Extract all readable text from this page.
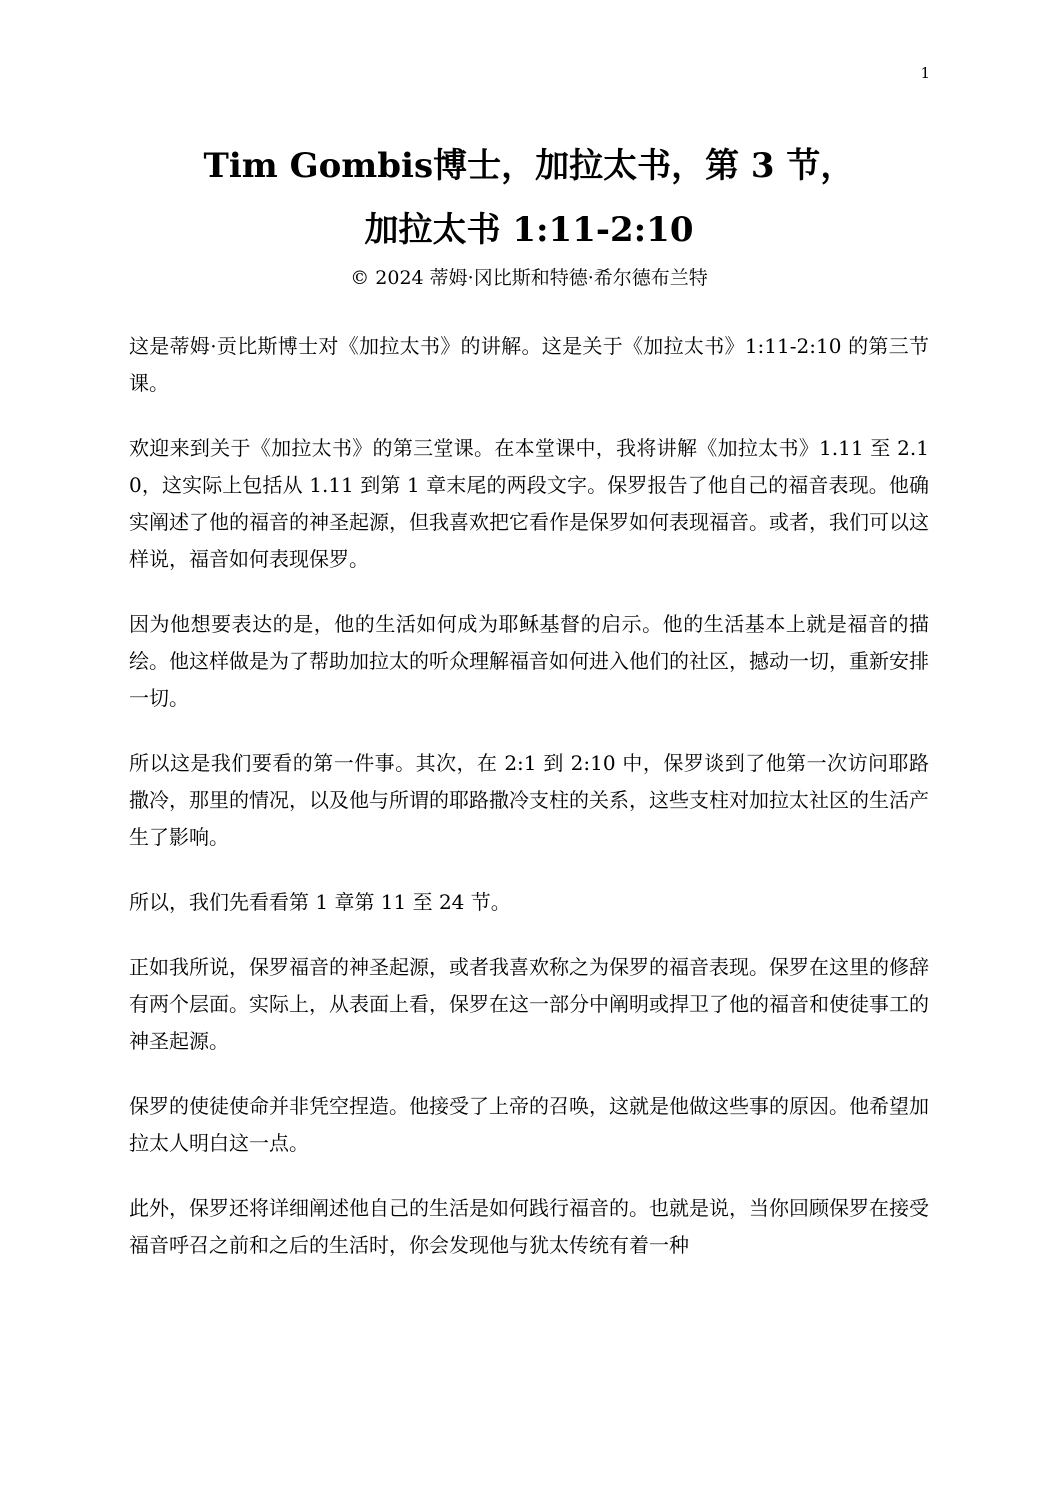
1
Tim Gombis博士，加拉太书，第 3 节，
加拉太书 1:11-2:10
© 2024 蒂姆·冈比斯和特德·希尔德布兰特

这是蒂姆·贡比斯博士对《加拉太书》的讲解。这是关于《加拉太书》1:11-2:10 的第三节课。

欢迎来到关于《加拉太书》的第三堂课。在本堂课中，我将讲解《加拉太书》1.11 至 2.10，这实际上包括从 1.11 到第 1 章末尾的两段文字。保罗报告了他自己的福音表现。他确实阐述了他的福音的神圣起源，但我喜欢把它看作是保罗如何表现福音。或者，我们可以这样说，福音如何表现保罗。

因为他想要表达的是，他的生活如何成为耶稣基督的启示。他的生活基本上就是福音的描绘。他这样做是为了帮助加拉太的听众理解福音如何进入他们的社区，撼动一切，重新安排一切。

所以这是我们要看的第一件事。其次，在 2:1 到 2:10 中，保罗谈到了他第一次访问耶路撒冷，那里的情况，以及他与所谓的耶路撒冷支柱的关系，这些支柱对加拉太社区的生活产生了影响。

所以，我们先看看第 1 章第 11 至 24 节。

正如我所说，保罗福音的神圣起源，或者我喜欢称之为保罗的福音表现。保罗在这里的修辞有两个层面。实际上，从表面上看，保罗在这一部分中阐明或捍卫了他的福音和使徒事工的神圣起源。

保罗的使徒使命并非凭空捏造。他接受了上帝的召唤，这就是他做这些事的原因。他希望加拉太人明白这一点。

此外，保罗还将详细阐述他自己的生活是如何践行福音的。也就是说，当你回顾保罗在接受福音呼召之前和之后的生活时，你会发现他与犹太传统有着一种
